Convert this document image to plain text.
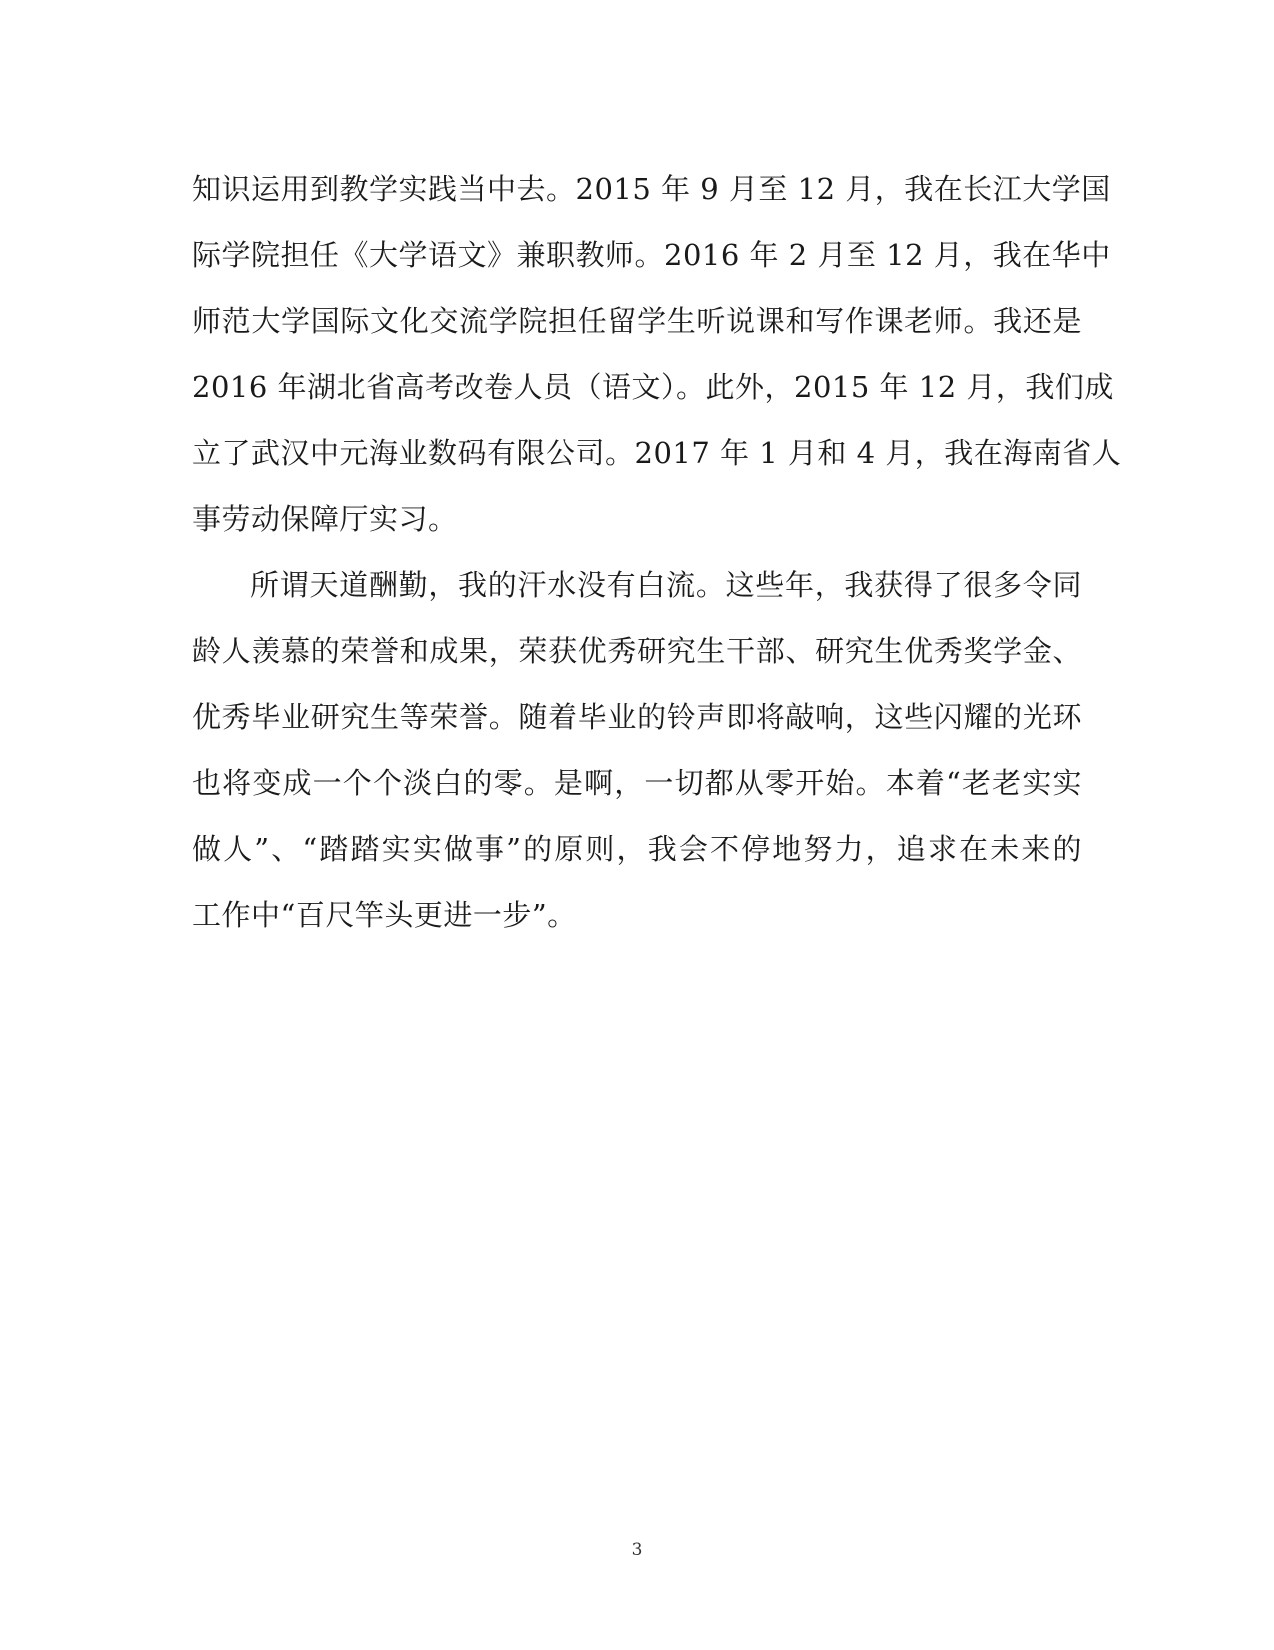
知识运用到教学实践当中去。2015 年 9 月至 12 月，我在长江大学国
际学院担任《大学语文》兼职教师。2016 年 2 月至 12 月，我在华中
师范大学国际文化交流学院担任留学生听说课和写作课老师。我还是
2016 年湖北省高考改卷人员（语文）。此外，2015 年 12 月，我们成
立了武汉中元海业数码有限公司。2017 年 1 月和 4 月，我在海南省人
事劳动保障厅实习。
所谓天道酬勤，我的汗水没有白流。这些年，我获得了很多令同
龄人羡慕的荣誉和成果，荣获优秀研究生干部、研究生优秀奖学金、
优秀毕业研究生等荣誉。随着毕业的铃声即将敲响，这些闪耀的光环
也将变成一个个淡白的零。是啊，一切都从零开始。本着“老老实实
做人”、“踏踏实实做事”的原则，我会不停地努力，追求在未来的
工作中“百尺竿头更进一步”。
3
